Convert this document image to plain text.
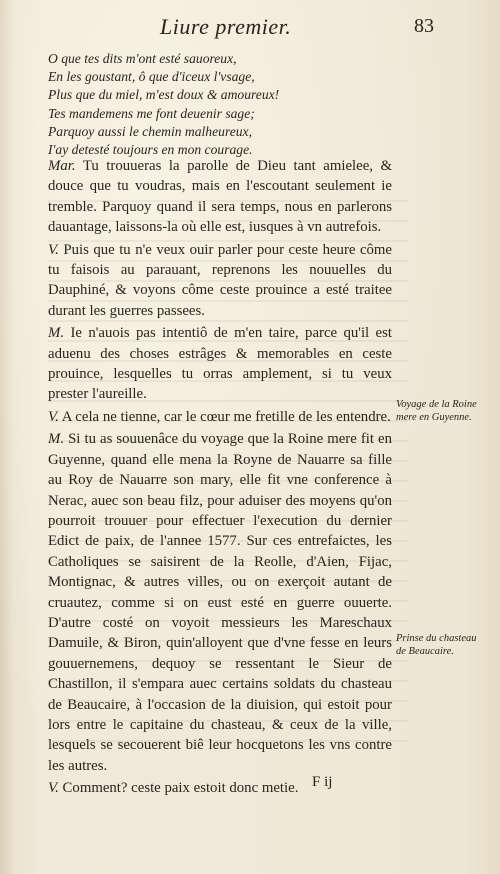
Liure premier.	83
O que tes dits m'ont esté sauoreux,
En les goustant, ô que d'iceux l'vsage,
Plus que du miel, m'est doux & amoureux!
Tes mandemens me font deuenir sage;
Parquoy aussi le chemin malheureux,
I'ay detesté toujours en mon courage.

Mar. Tu trouueras la parolle de Dieu tant amielee, & douce que tu voudras, mais en l'escoutant seulement ie tremble. Parquoy quand il sera temps, nous en parlerons dauantage, laissons-la où elle est, iusques à vn autrefois.

V. Puis que tu n'e veux ouir parler pour ceste heure côme tu faisois au parauant, reprenons les nouuelles du Dauphiné, & voyons côme ceste prouince a esté traitee durant les guerres passees.

M. Ie n'auois pas intentiô de m'en taire, parce qu'il est aduenu des choses estrâges & memorables en ceste prouince, lesquelles tu orras amplement, si tu veux prester l'aureille.

V. A cela ne tienne, car le cœur me fretille de les entendre.

M. Si tu as souuenâce du voyage que la Roine mere fit en Guyenne, quand elle mena la Royne de Nauarre sa fille au Roy de Nauarre son mary, elle fit vne conference à Nerac, auec son beau filz, pour aduiser des moyens qu'on pourroit trouuer pour effectuer l'execution du dernier Edict de paix, de l'annee 1577. Sur ces entrefaictes, les Catholiques se saisirent de la Reolle, d'Aien, Fijac, Montignac, & autres villes, ou on exerçoit autant de cruautez, comme si on eust esté en guerre ouuerte. D'autre costé on voyoit messieurs les Mareschaux Damuile, & Biron, quin'alloyent que d'vne fesse en leurs gouuernemens, dequoy se ressentant le Sieur de Chastillon, il s'empara auec certains soldats du chasteau de Beaucaire, à l'occasion de la diuision, qui estoit pour lors entre le capitaine du chasteau, & ceux de la ville, lesquels se secouerent biê leur hocquetons les vns contre les autres.

V. Comment? ceste paix estoit donc metie.

Voyage de la Roine mere en Guyenne.
Prinse du chasteau de Beaucaire.
F ij
